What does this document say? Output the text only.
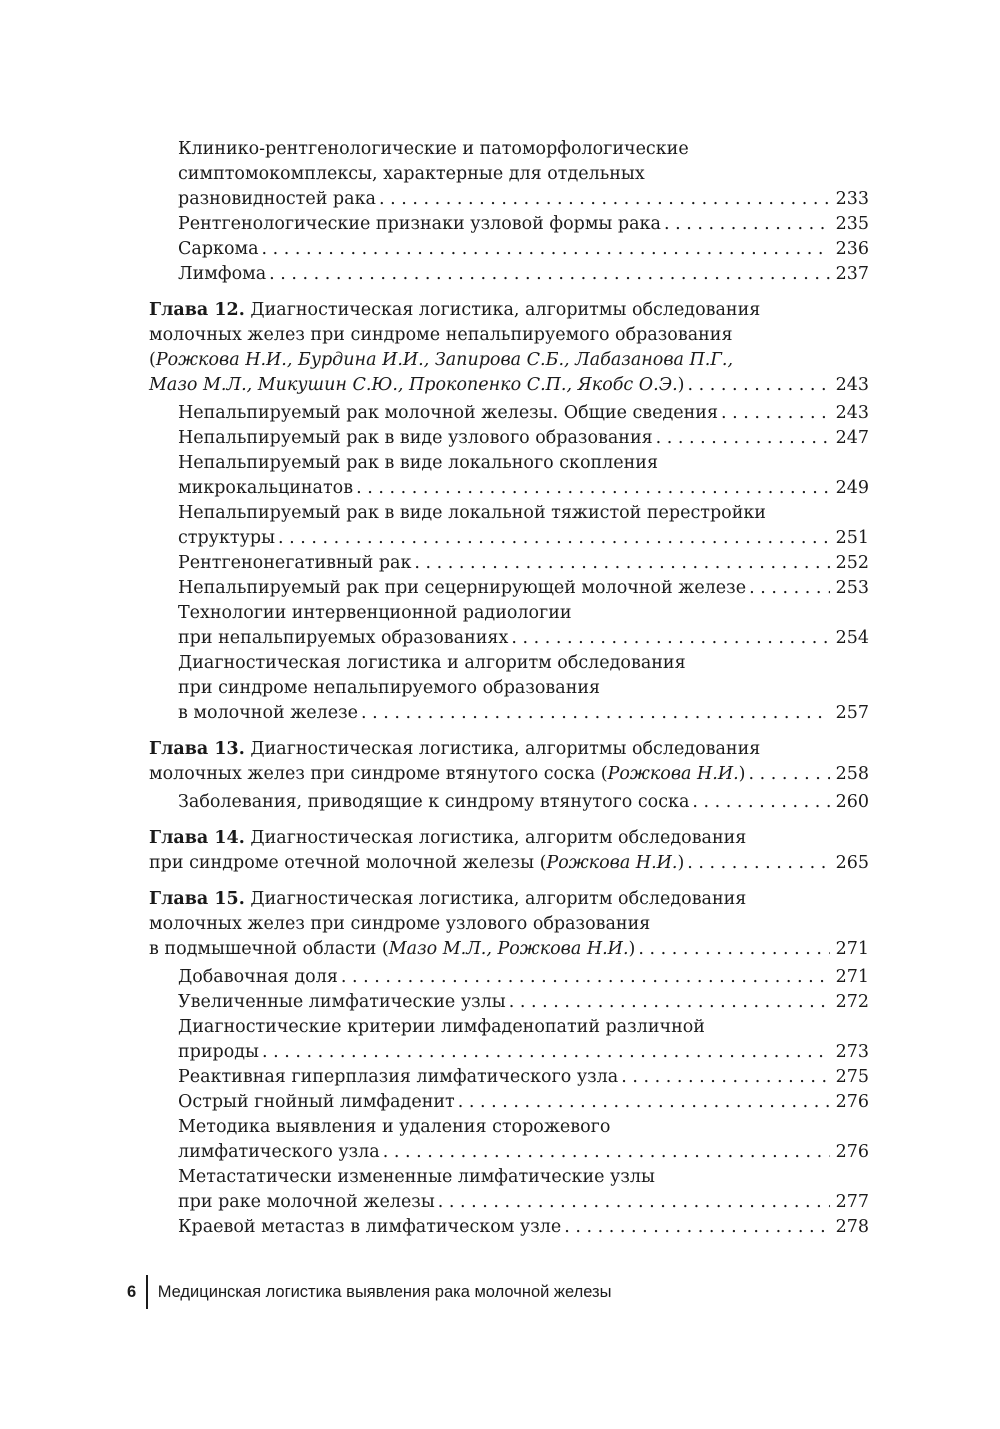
Клинико-рентгенологические и патоморфологические
симптомокомплексы, характерные для отдельных
разновидностей рака . . .	233
Рентгенологические признаки узловой формы рака . . .	235
Саркома . . .	236
Лимфома . . .	237
Глава 12. Диагностическая логистика, алгоритмы обследования
молочных желез при синдроме непальпируемого образования
(Рожкова Н.И., Бурдина И.И., Запирова С.Б., Лабазанова П.Г.,
Мазо М.Л., Микушин С.Ю., Прокопенко С.П., Якобс О.Э.) . . .	243
Непальпируемый рак молочной железы. Общие сведения . . .	243
Непальпируемый рак в виде узлового образования . . .	247
Непальпируемый рак в виде локального скопления
микрокальцинатов . . .	249
Непальпируемый рак в виде локальной тяжистой перестройки
структуры . . .	251
Рентгенонегативный рак . . .	252
Непальпируемый рак при сецернирующей молочной железе . . .	253
Технологии интервенционной радиологии
при непальпируемых образованиях . . .	254
Диагностическая логистика и алгоритм обследования
при синдроме непальпируемого образования
в молочной железе . . .	257
Глава 13. Диагностическая логистика, алгоритмы обследования
молочных желез при синдроме втянутого соска (Рожкова Н.И.) . . .	258
Заболевания, приводящие к синдрому втянутого соска . . .	260
Глава 14. Диагностическая логистика, алгоритм обследования
при синдроме отечной молочной железы (Рожкова Н.И.) . . .	265
Глава 15. Диагностическая логистика, алгоритм обследования
молочных желез при синдроме узлового образования
в подмышечной области (Мазо М.Л., Рожкова Н.И.) . . .	271
Добавочная доля . . .	271
Увеличенные лимфатические узлы . . .	272
Диагностические критерии лимфаденопатий различной
природы . . .	273
Реактивная гиперплазия лимфатического узла . . .	275
Острый гнойный лимфаденит . . .	276
Методика выявления и удаления сторожевого
лимфатического узла . . .	276
Метастатически измененные лимфатические узлы
при раке молочной железы . . .	277
Краевой метастаз в лимфатическом узле . . .	278
6	Медицинская логистика выявления рака молочной железы
